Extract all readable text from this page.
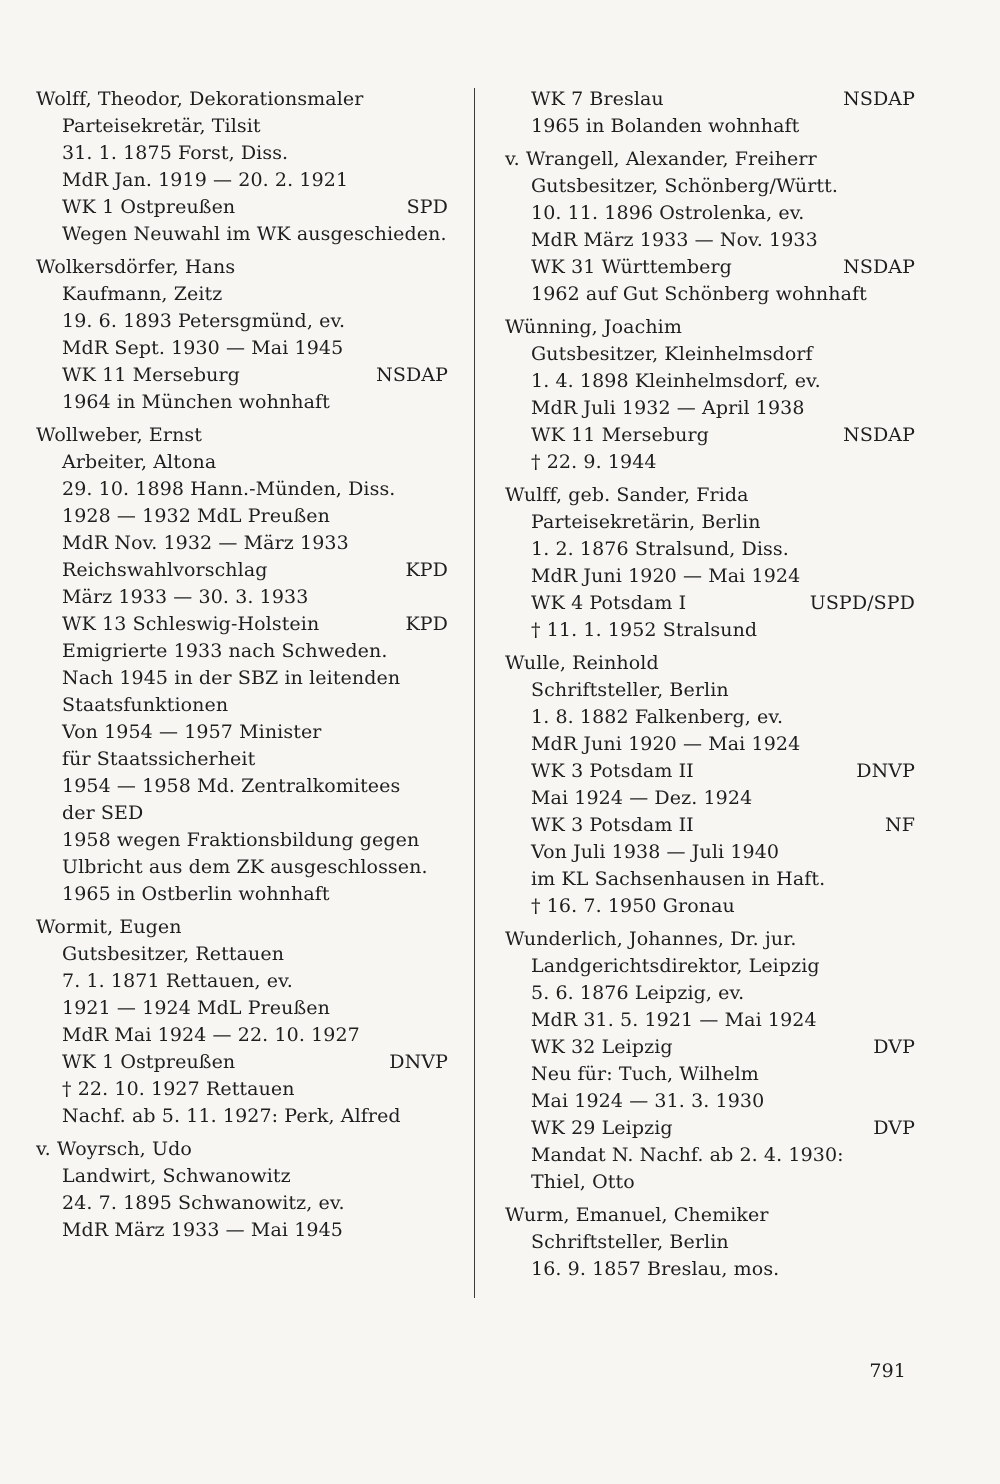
Wolff, Theodor, Dekorationsmaler
Parteisekretär, Tilsit
31. 1. 1875 Forst, Diss.
MdR Jan. 1919 — 20. 2. 1921
WK 1 Ostpreußen	SPD
Wegen Neuwahl im WK ausgeschieden.
Wolkersdörfer, Hans
Kaufmann, Zeitz
19. 6. 1893 Petersgmünd, ev.
MdR Sept. 1930 — Mai 1945
WK 11 Merseburg	NSDAP
1964 in München wohnhaft
Wollweber, Ernst
Arbeiter, Altona
29. 10. 1898 Hann.-Münden, Diss.
1928 — 1932 MdL Preußen
MdR Nov. 1932 — März 1933
Reichswahlvorschlag	KPD
März 1933 — 30. 3. 1933
WK 13 Schleswig-Holstein	KPD
Emigrierte 1933 nach Schweden.
Nach 1945 in der SBZ in leitenden
Staatsfunktionen
Von 1954 — 1957 Minister
für Staatssicherheit
1954 — 1958 Md. Zentralkomitees
der SED
1958 wegen Fraktionsbildung gegen
Ulbricht aus dem ZK ausgeschlossen.
1965 in Ostberlin wohnhaft
Wormit, Eugen
Gutsbesitzer, Rettauen
7. 1. 1871 Rettauen, ev.
1921 — 1924 MdL Preußen
MdR Mai 1924 — 22. 10. 1927
WK 1 Ostpreußen	DNVP
† 22. 10. 1927 Rettauen
Nachf. ab 5. 11. 1927: Perk, Alfred
v. Woyrsch, Udo
Landwirt, Schwanowitz
24. 7. 1895 Schwanowitz, ev.
MdR März 1933 — Mai 1945
WK 7 Breslau	NSDAP
1965 in Bolanden wohnhaft
v. Wrangell, Alexander, Freiherr
Gutsbesitzer, Schönberg/Württ.
10. 11. 1896 Ostrolenka, ev.
MdR März 1933 — Nov. 1933
WK 31 Württemberg	NSDAP
1962 auf Gut Schönberg wohnhaft
Wünning, Joachim
Gutsbesitzer, Kleinhelmsdorf
1. 4. 1898 Kleinhelmsdorf, ev.
MdR Juli 1932 — April 1938
WK 11 Merseburg	NSDAP
† 22. 9. 1944
Wulff, geb. Sander, Frida
Parteisekretärin, Berlin
1. 2. 1876 Stralsund, Diss.
MdR Juni 1920 — Mai 1924
WK 4 Potsdam I	USPD/SPD
† 11. 1. 1952 Stralsund
Wulle, Reinhold
Schriftsteller, Berlin
1. 8. 1882 Falkenberg, ev.
MdR Juni 1920 — Mai 1924
WK 3 Potsdam II	DNVP
Mai 1924 — Dez. 1924
WK 3 Potsdam II	NF
Von Juli 1938 — Juli 1940
im KL Sachsenhausen in Haft.
† 16. 7. 1950 Gronau
Wunderlich, Johannes, Dr. jur.
Landgerichtsdirektor, Leipzig
5. 6. 1876 Leipzig, ev.
MdR 31. 5. 1921 — Mai 1924
WK 32 Leipzig	DVP
Neu für: Tuch, Wilhelm
Mai 1924 — 31. 3. 1930
WK 29 Leipzig	DVP
Mandat N. Nachf. ab 2. 4. 1930:
Thiel, Otto
Wurm, Emanuel, Chemiker
Schriftsteller, Berlin
16. 9. 1857 Breslau, mos.
791
